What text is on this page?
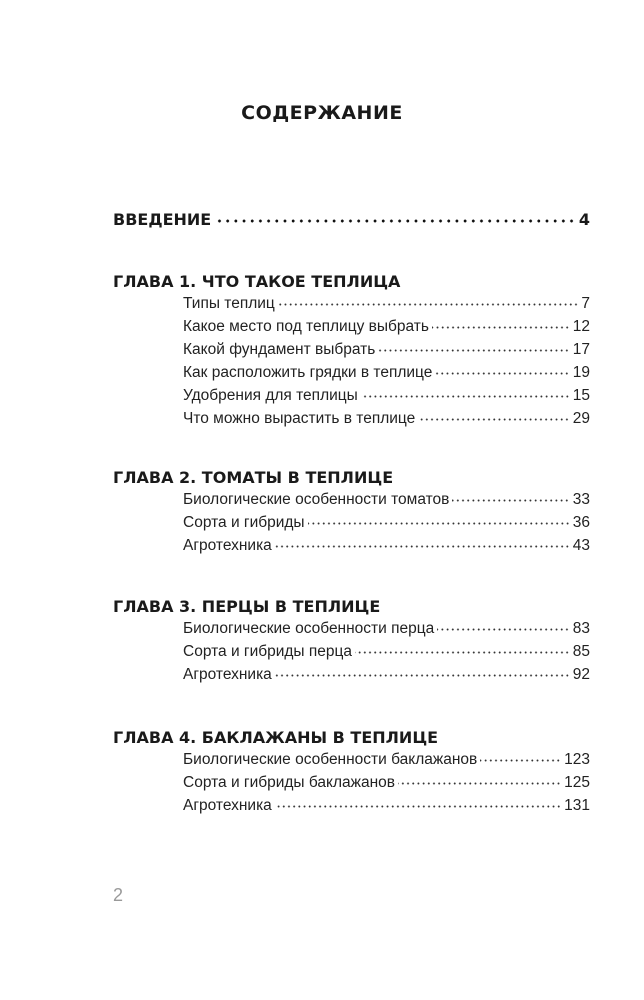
СОДЕРЖАНИЕ
ВВЕДЕНИЕ	4
ГЛАВА 1. ЧТО ТАКОЕ ТЕПЛИЦА
Типы теплиц	7
Какое место под теплицу выбрать	12
Какой фундамент выбрать	17
Как расположить грядки в теплице	19
Удобрения для теплицы	15
Что можно вырастить в теплице	29
ГЛАВА 2. ТОМАТЫ В ТЕПЛИЦЕ
Биологические особенности томатов	33
Сорта и гибриды	36
Агротехника	43
ГЛАВА 3. ПЕРЦЫ В ТЕПЛИЦЕ
Биологические особенности перца	83
Сорта и гибриды перца	85
Агротехника	92
ГЛАВА 4. БАКЛАЖАНЫ В ТЕПЛИЦЕ
Биологические особенности баклажанов	123
Сорта и гибриды баклажанов	125
Агротехника	131
2
